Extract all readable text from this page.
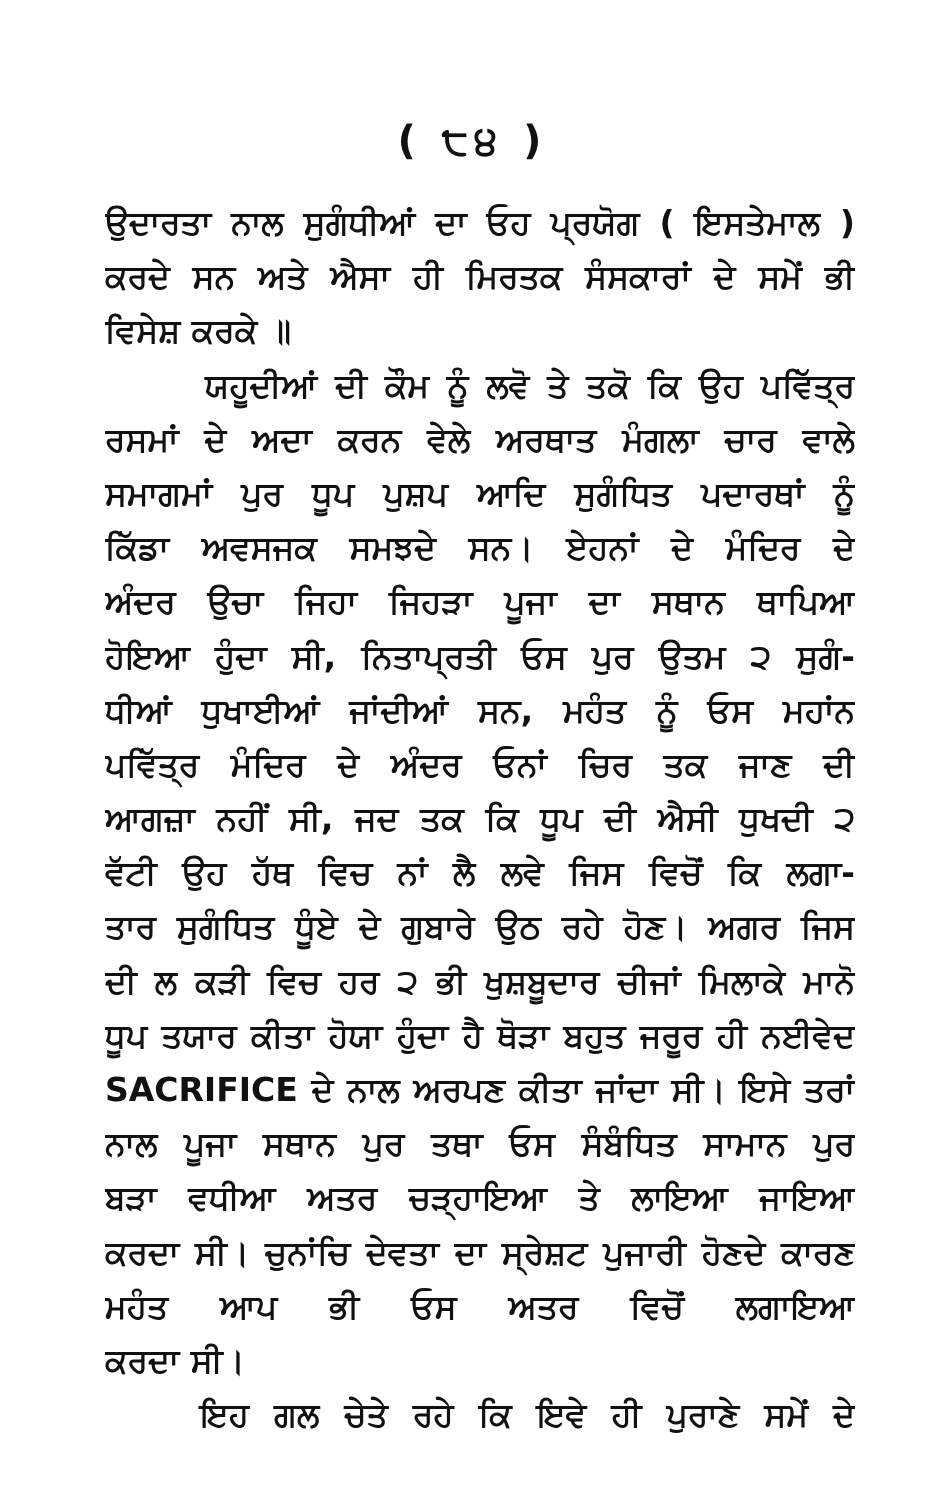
( ੮੪ )
ਉਦਾਰਤਾ ਨਾਲ ਸੁਗੰਧੀਆਂ ਦਾ ਓਹ ਪ੍ਰਯੋਗ ( ਇਸਤੇਮਾਲ )
ਕਰਦੇ ਸਨ ਅਤੇ ਐਸਾ ਹੀ ਮਿਰਤਕ ਸੰਸਕਾਰਾਂ ਦੇ ਸਮੇਂ ਭੀ
ਵਿਸੇਸ਼ ਕਰਕੇ ॥
ਯਹੂਦੀਆਂ ਦੀ ਕੌਮ ਨੂੰ ਲਵੋ ਤੇ ਤਕੋ ਕਿ ਉਹ ਪਵਿੱਤ੍ਰ
ਰਸਮਾਂ ਦੇ ਅਦਾ ਕਰਨ ਵੇਲੇ ਅਰਥਾਤ ਮੰਗਲਾ ਚਾਰ ਵਾਲੇ
ਸਮਾਗਮਾਂ ਪੁਰ ਧੂਪ ਪੁਸ਼ਪ ਆਦਿ ਸੁਗੰਧਿਤ ਪਦਾਰਥਾਂ ਨੂੰ
ਕਿੱਡਾ ਅਵਸਜਕ ਸਮਝਦੇ ਸਨ। ਏਹਨਾਂ ਦੇ ਮੰਦਿਰ ਦੇ
ਅੰਦਰ ਉਚਾ ਜਿਹਾ ਜਿਹੜਾ ਪੂਜਾ ਦਾ ਸਥਾਨ ਥਾਪਿਆ
ਹੋਇਆ ਹੁੰਦਾ ਸੀ, ਨਿਤਾਪ੍ਰਤੀ ਓਸ ਪੁਰ ਉਤਮ ੨ ਸੁਗੰ-
ਧੀਆਂ ਧੁਖਾਈਆਂ ਜਾਂਦੀਆਂ ਸਨ, ਮਹੰਤ ਨੂੰ ਓਸ ਮਹਾਂਨ
ਪਵਿੱਤ੍ਰ ਮੰਦਿਰ ਦੇ ਅੰਦਰ ਓਨਾਂ ਚਿਰ ਤਕ ਜਾਣ ਦੀ
ਆਗਜ਼ਾ ਨਹੀਂ ਸੀ, ਜਦ ਤਕ ਕਿ ਧੂਪ ਦੀ ਐਸੀ ਧੁਖਦੀ ੨
ਵੱਟੀ ਉਹ ਹੱਥ ਵਿਚ ਨਾਂ ਲੈ ਲਵੇ ਜਿਸ ਵਿਚੋਂ ਕਿ ਲਗਾ-
ਤਾਰ ਸੁਗੰਧਿਤ ਧੂੰਏ ਦੇ ਗੁਬਾਰੇ ਉਠ ਰਹੇ ਹੋਣ। ਅਗਰ ਜਿਸ
ਦੀ ਲ ਕੜੀ ਵਿਚ ਹਰ ੨ ਭੀ ਖੁਸ਼ਬੂਦਾਰ ਚੀਜਾਂ ਮਿਲਾਕੇ ਮਾਨੋ
ਧੂਪ ਤਯਾਰ ਕੀਤਾ ਹੋਯਾ ਹੁੰਦਾ ਹੈ ਥੋੜਾ ਬਹੁਤ ਜਰੂਰ ਹੀ ਨਈਵੇਦ
SACRIFICE ਦੇ ਨਾਲ ਅਰਪਣ ਕੀਤਾ ਜਾਂਦਾ ਸੀ। ਇਸੇ ਤਰਾਂ
ਨਾਲ ਪੂਜਾ ਸਥਾਨ ਪੁਰ ਤਥਾ ਓਸ ਸੰਬੰਧਿਤ ਸਾਮਾਨ ਪੁਰ
ਬੜਾ ਵਧੀਆ ਅਤਰ ਚੜ੍ਹਾਇਆ ਤੇ ਲਾਇਆ ਜਾਇਆ
ਕਰਦਾ ਸੀ। ਚੁਨਾਂਚਿ ਦੇਵਤਾ ਦਾ ਸ੍ਰੇਸ਼ਟ ਪੁਜਾਰੀ ਹੋਣਦੇ ਕਾਰਣ
ਮਹੰਤ ਆਪ ਭੀ ਓਸ ਅਤਰ ਵਿਚੋਂ ਲਗਾਇਆ
ਕਰਦਾ ਸੀ।
ਇਹ ਗਲ ਚੇਤੇ ਰਹੇ ਕਿ ਇਵੇ ਹੀ ਪੁਰਾਣੇ ਸਮੇਂ ਦੇ
